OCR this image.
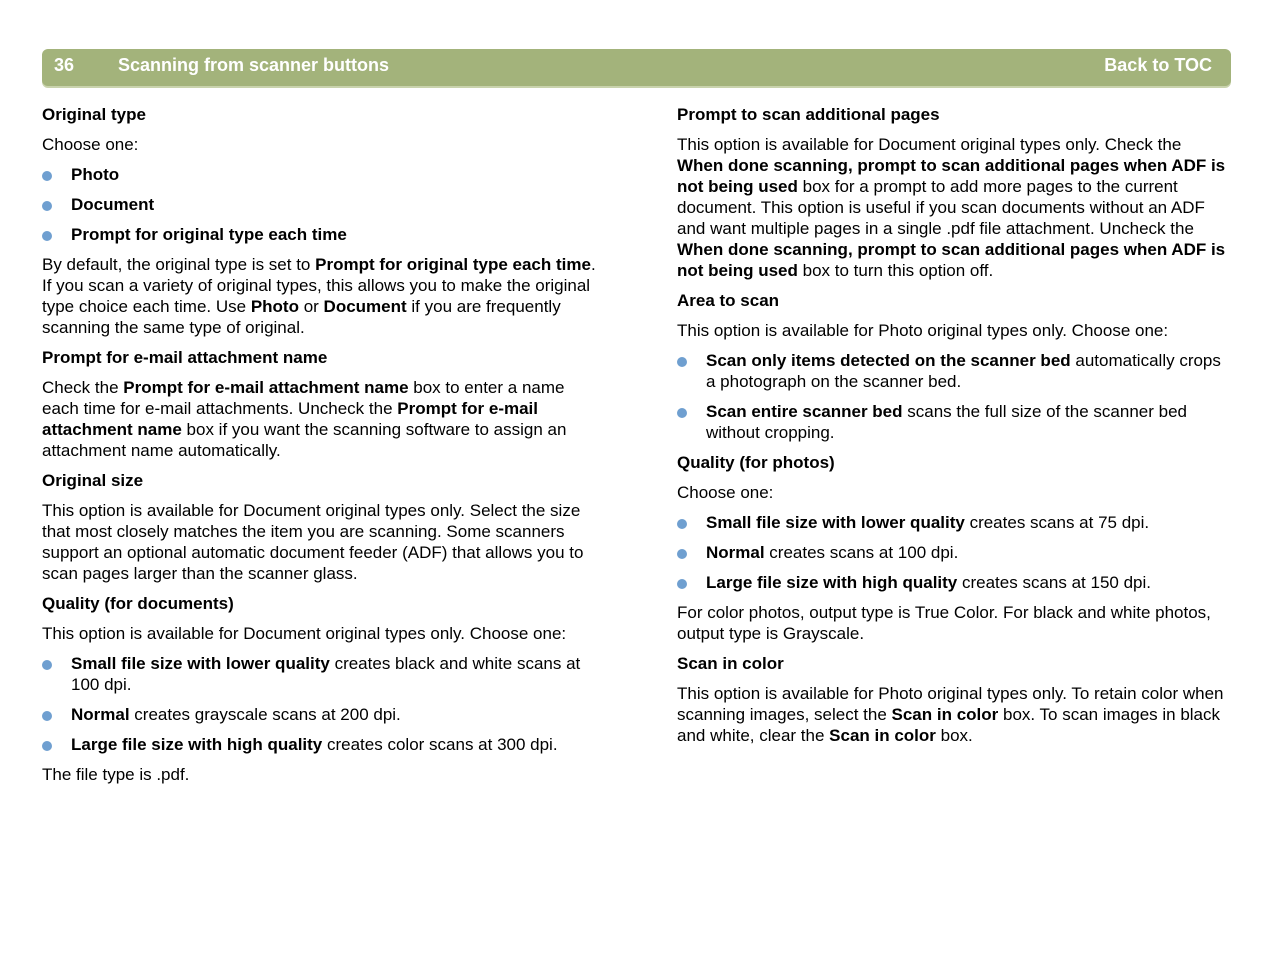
36 Scanning from scanner buttons	Back to TOC
Original type

Choose one:

Photo
Document
Prompt for original type each time

By default, the original type is set to Prompt for original type each time. If you scan a variety of original types, this allows you to make the original type choice each time. Use Photo or Document if you are frequently scanning the same type of original.

Prompt for e-mail attachment name

Check the Prompt for e-mail attachment name box to enter a name each time for e-mail attachments. Uncheck the Prompt for e-mail attachment name box if you want the scanning software to assign an attachment name automatically.

Original size

This option is available for Document original types only. Select the size that most closely matches the item you are scanning. Some scanners support an optional automatic document feeder (ADF) that allows you to scan pages larger than the scanner glass.

Quality (for documents)

This option is available for Document original types only. Choose one:

Small file size with lower quality creates black and white scans at 100 dpi.
Normal creates grayscale scans at 200 dpi.
Large file size with high quality creates color scans at 300 dpi.

The file type is .pdf.

Prompt to scan additional pages

This option is available for Document original types only. Check the When done scanning, prompt to scan additional pages when ADF is not being used box for a prompt to add more pages to the current document. This option is useful if you scan documents without an ADF and want multiple pages in a single .pdf file attachment. Uncheck the When done scanning, prompt to scan additional pages when ADF is not being used box to turn this option off.

Area to scan

This option is available for Photo original types only. Choose one:

Scan only items detected on the scanner bed automatically crops a photograph on the scanner bed.
Scan entire scanner bed scans the full size of the scanner bed without cropping.
Quality (for photos)

Choose one:

Small file size with lower quality creates scans at 75 dpi.
Normal creates scans at 100 dpi.
Large file size with high quality creates scans at 150 dpi.

For color photos, output type is True Color. For black and white photos, output type is Grayscale.

Scan in color

This option is available for Photo original types only. To retain color when scanning images, select the Scan in color box. To scan images in black and white, clear the Scan in color box.
